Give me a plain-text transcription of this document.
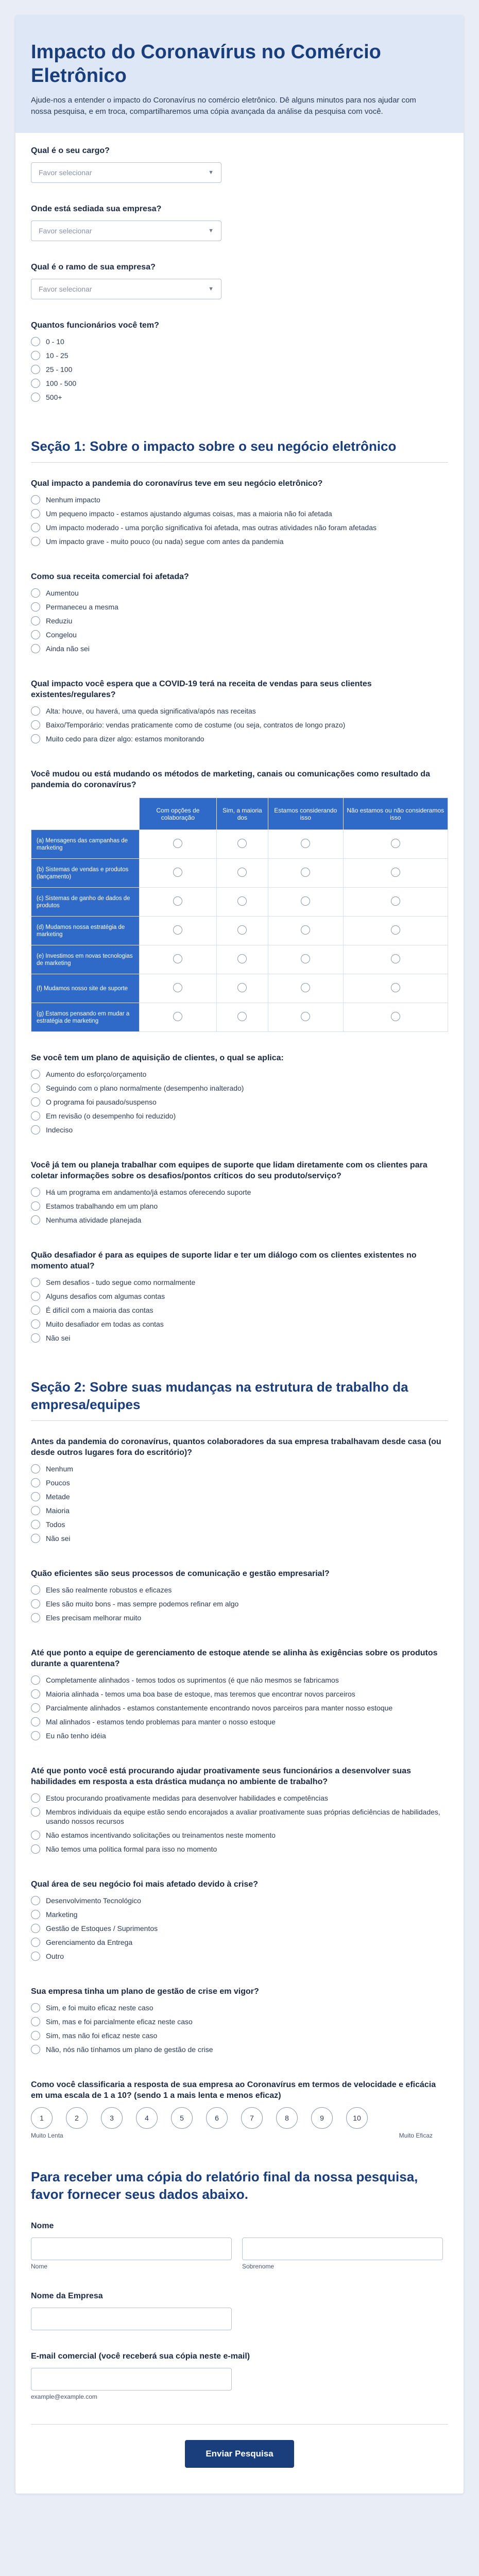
Impacto do Coronavírus no Comércio Eletrônico

Ajude-nos a entender o impacto do Coronavírus no comércio eletrônico. Dê alguns minutos para nos ajudar com nossa pesquisa, e em troca, compartilharemos uma cópia avançada da análise da pesquisa com você.

Qual é o seu cargo?
Favor selecionar	▼
Onde está sediada sua empresa?
Favor selecionar	▼
Qual é o ramo de sua empresa?
Favor selecionar	▼
Quantos funcionários você tem?
0 - 10
10 - 25
25 - 100
100 - 500
500+
Seção 1: Sobre o impacto sobre o seu negócio eletrônico
Qual impacto a pandemia do coronavírus teve em seu negócio eletrônico?
Nenhum impacto
Um pequeno impacto - estamos ajustando algumas coisas, mas a maioria não foi afetada
Um impacto moderado - uma porção significativa foi afetada, mas outras atividades não foram afetadas
Um impacto grave - muito pouco (ou nada) segue com antes da pandemia
Como sua receita comercial foi afetada?
Aumentou
Permaneceu a mesma
Reduziu
Congelou
Ainda não sei
Qual impacto você espera que a COVID-19 terá na receita de vendas para seus clientes existentes/regulares?
Alta: houve, ou haverá, uma queda significativa/após nas receitas
Baixo/Temporário: vendas praticamente como de costume (ou seja, contratos de longo prazo)
Muito cedo para dizer algo: estamos monitorando
Você mudou ou está mudando os métodos de marketing, canais ou comunicações como resultado da pandemia do coronavírus?
	Com opções de colaboração	Sim, a maioria dos	Estamos considerando isso	Não estamos ou não consideramos isso
(a) Mensagens das campanhas de marketing				
(b) Sistemas de vendas e produtos (lançamento)				
(c) Sistemas de ganho de dados de produtos				
(d) Mudamos nossa estratégia de marketing				
(e) Investimos em novas tecnologias de marketing				
(f) Mudamos nosso site de suporte				
(g) Estamos pensando em mudar a estratégia de marketing				
Se você tem um plano de aquisição de clientes, o qual se aplica:
Aumento do esforço/orçamento
Seguindo com o plano normalmente (desempenho inalterado)
O programa foi pausado/suspenso
Em revisão (o desempenho foi reduzido)
Indeciso
Você já tem ou planeja trabalhar com equipes de suporte que lidam diretamente com os clientes para coletar informações sobre os desafios/pontos críticos do seu produto/serviço?
Há um programa em andamento/já estamos oferecendo suporte
Estamos trabalhando em um plano
Nenhuma atividade planejada
Quão desafiador é para as equipes de suporte lidar e ter um diálogo com os clientes existentes no momento atual?
Sem desafios - tudo segue como normalmente
Alguns desafios com algumas contas
É difícil com a maioria das contas
Muito desafiador em todas as contas
Não sei
Seção 2: Sobre suas mudanças na estrutura de trabalho da empresa/equipes
Antes da pandemia do coronavírus, quantos colaboradores da sua empresa trabalhavam desde casa (ou desde outros lugares fora do escritório)?
Nenhum
Poucos
Metade
Maioria
Todos
Não sei
Quão eficientes são seus processos de comunicação e gestão empresarial?
Eles são realmente robustos e eficazes
Eles são muito bons - mas sempre podemos refinar em algo
Eles precisam melhorar muito
Até que ponto a equipe de gerenciamento de estoque atende se alinha às exigências sobre os produtos durante a quarentena?
Completamente alinhados - temos todos os suprimentos (é que não mesmos se fabricamos
Maioria alinhada - temos uma boa base de estoque, mas teremos que encontrar novos parceiros
Parcialmente alinhados - estamos constantemente encontrando novos parceiros para manter nosso estoque
Mal alinhados - estamos tendo problemas para manter o nosso estoque
Eu não tenho idéia
Até que ponto você está procurando ajudar proativamente seus funcionários a desenvolver suas habilidades em resposta a esta drástica mudança no ambiente de trabalho?
Estou procurando proativamente medidas para desenvolver habilidades e competências
Membros individuais da equipe estão sendo encorajados a avaliar proativamente suas próprias deficiências de habilidades, usando nossos recursos
Não estamos incentivando solicitações ou treinamentos neste momento
Não temos uma política formal para isso no momento
Qual área de seu negócio foi mais afetado devido à crise?
Desenvolvimento Tecnológico
Marketing
Gestão de Estoques / Suprimentos
Gerenciamento da Entrega
Outro
Sua empresa tinha um plano de gestão de crise em vigor?
Sim, e foi muito eficaz neste caso
Sim, mas e foi parcialmente eficaz neste caso
Sim, mas não foi eficaz neste caso
Não, nós não tínhamos um plano de gestão de crise
Como você classificaria a resposta de sua empresa ao Coronavírus em termos de velocidade e eficácia em uma escala de 1 a 10? (sendo 1 a mais lenta e menos eficaz)
1	2	3	4	5	6	7	8	9	10
Muito Lenta	Muito Eficaz
Para receber uma cópia do relatório final da nossa pesquisa, favor fornecer seus dados abaixo.
Nome
Nome	Sobrenome
Nome da Empresa
E-mail comercial (você receberá sua cópia neste e-mail)
example@example.com
Enviar Pesquisa
